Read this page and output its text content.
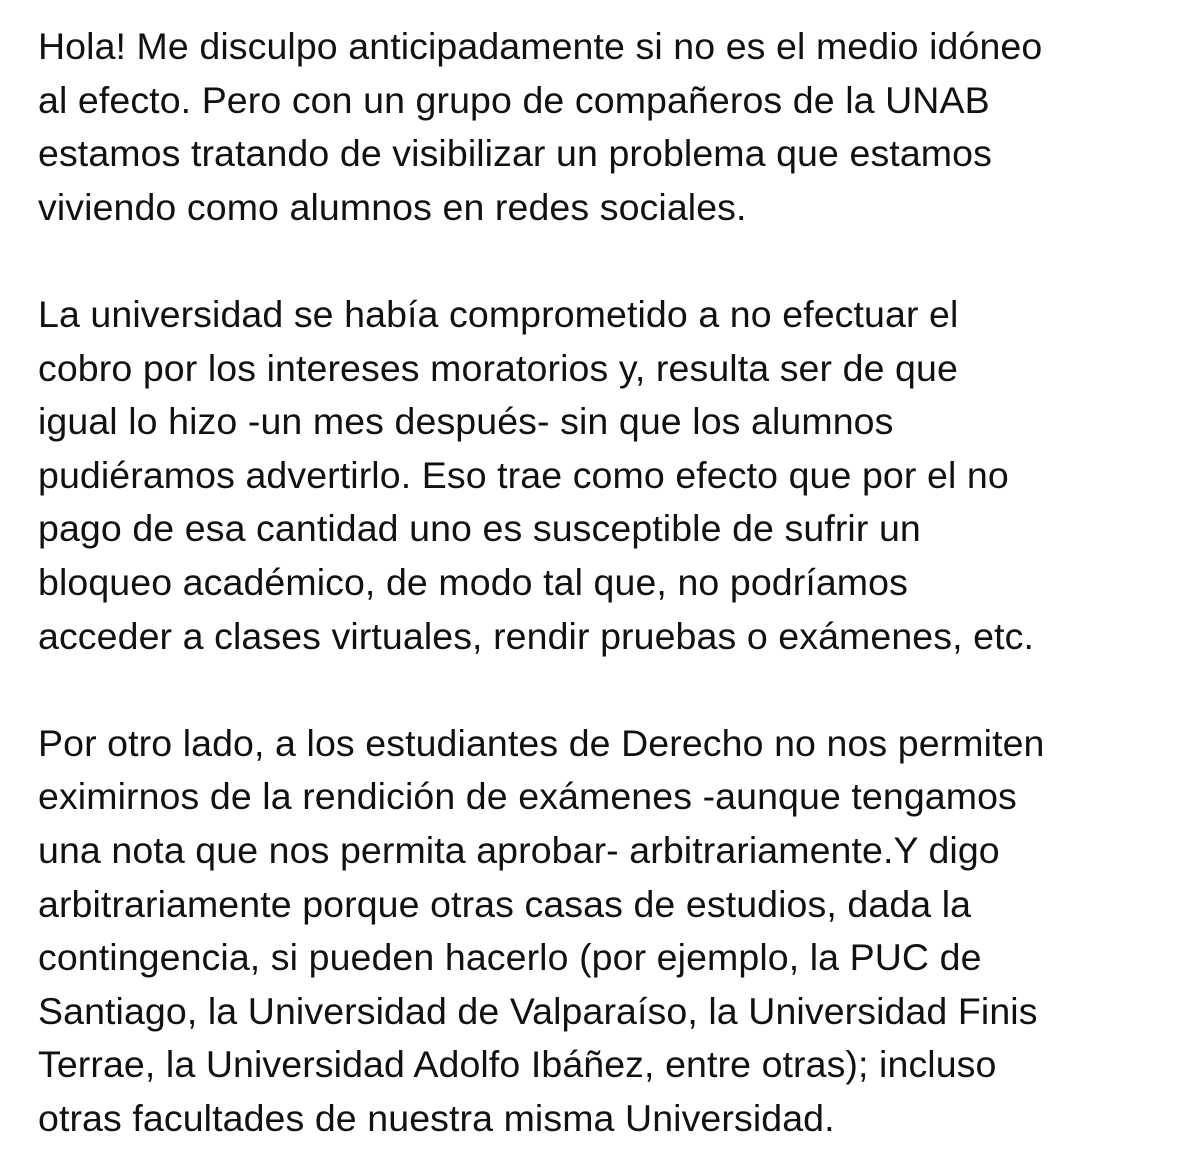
Hola! Me disculpo anticipadamente si no es el medio idóneo
al efecto. Pero con un grupo de compañeros de la UNAB
estamos tratando de visibilizar un problema que estamos
viviendo como alumnos en redes sociales.
La universidad se había comprometido a no efectuar el
cobro por los intereses moratorios y, resulta ser de que
igual lo hizo -un mes después- sin que los alumnos
pudiéramos advertirlo. Eso trae como efecto que por el no
pago de esa cantidad uno es susceptible de sufrir un
bloqueo académico, de modo tal que, no podríamos
acceder a clases virtuales, rendir pruebas o exámenes, etc.
Por otro lado, a los estudiantes de Derecho no nos permiten
eximirnos de la rendición de exámenes -aunque tengamos
una nota que nos permita aprobar- arbitrariamente.Y digo
arbitrariamente porque otras casas de estudios, dada la
contingencia, si pueden hacerlo (por ejemplo, la PUC de
Santiago, la Universidad de Valparaíso, la Universidad Finis
Terrae, la Universidad Adolfo Ibáñez, entre otras); incluso
otras facultades de nuestra misma Universidad.
